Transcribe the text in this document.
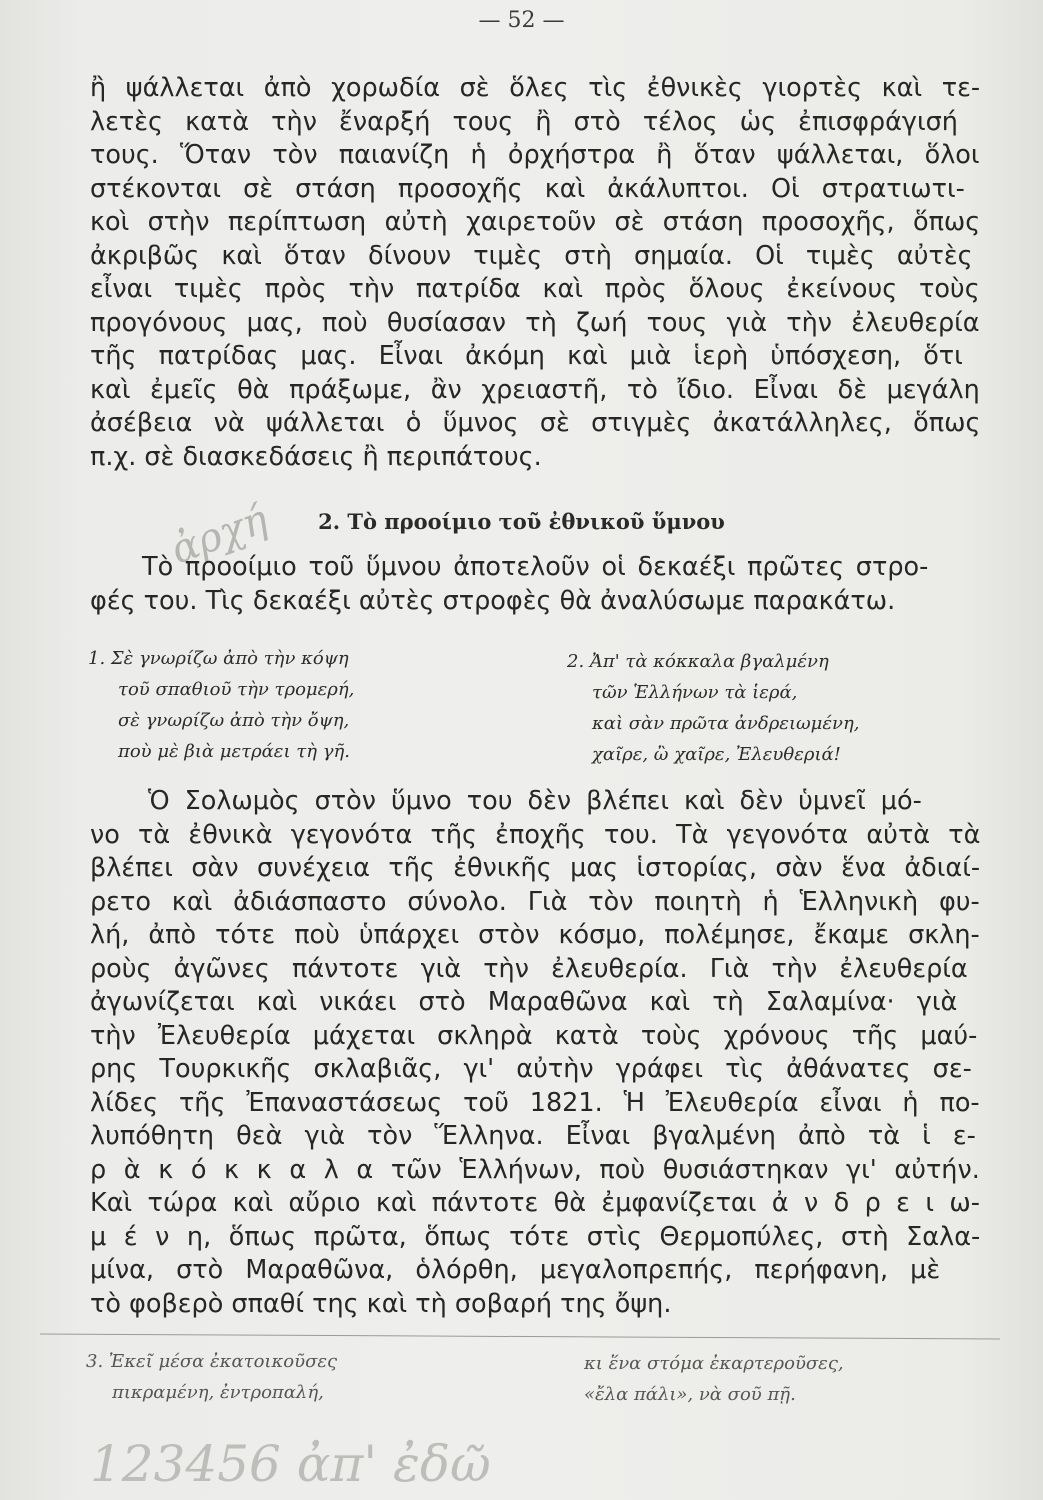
— 52 —
ἢ ψάλλεται ἀπὸ χορωδία σὲ ὅλες τὶς ἐθνικὲς γιορτὲς καὶ τε-
λετὲς κατὰ τὴν ἔναρξή τους ἢ στὸ τέλος ὡς ἐπισφράγισή
τους. Ὅταν τὸν παιανίζη ἡ ὀρχήστρα ἢ ὅταν ψάλλεται, ὅλοι
στέκονται σὲ στάση προσοχῆς καὶ ἀκάλυπτοι. Οἱ στρατιωτι-
κοὶ στὴν περίπτωση αὐτὴ χαιρετοῦν σὲ στάση προσοχῆς, ὅπως
ἀκριβῶς καὶ ὅταν δίνουν τιμὲς στὴ σημαία. Οἱ τιμὲς αὐτὲς
εἶναι τιμὲς πρὸς τὴν πατρίδα καὶ πρὸς ὅλους ἐκείνους τοὺς
προγόνους μας, ποὺ θυσίασαν τὴ ζωή τους γιὰ τὴν ἐλευθερία
τῆς πατρίδας μας. Εἶναι ἀκόμη καὶ μιὰ ἱερὴ ὑπόσχεση, ὅτι
καὶ ἐμεῖς θὰ πράξωμε, ἂν χρειαστῆ, τὸ ἴδιο. Εἶναι δὲ μεγάλη
ἀσέβεια νὰ ψάλλεται ὁ ὕμνος σὲ στιγμὲς ἀκατάλληλες, ὅπως
π.χ. σὲ διασκεδάσεις ἢ περιπάτους.
ἀρχή	2. Τὸ προοίμιο τοῦ ἐθνικοῦ ὕμνου
Τὸ προοίμιο τοῦ ὕμνου ἀποτελοῦν οἱ δεκαέξι πρῶτες στρο-
φές του. Τὶς δεκαέξι αὐτὲς στροφὲς θὰ ἀναλύσωμε παρακάτω.
1. Σὲ γνωρίζω ἀπὸ τὴν κόψη
τοῦ σπαθιοῦ τὴν τρομερή,
σὲ γνωρίζω ἀπὸ τὴν ὄψη,
ποὺ μὲ βιὰ μετράει τὴ γῆ.
2. Ἀπ' τὰ κόκκαλα βγαλμένη
τῶν Ἑλλήνων τὰ ἱερά,
καὶ σὰν πρῶτα ἀνδρειωμένη,
χαῖρε, ὢ χαῖρε, Ἐλευθεριά!
Ὁ Σολωμὸς στὸν ὕμνο του δὲν βλέπει καὶ δὲν ὑμνεῖ μό-
νο τὰ ἐθνικὰ γεγονότα τῆς ἐποχῆς του. Τὰ γεγονότα αὐτὰ τὰ
βλέπει σὰν συνέχεια τῆς ἐθνικῆς μας ἱστορίας, σὰν ἕνα ἀδιαί-
ρετο καὶ ἀδιάσπαστο σύνολο. Γιὰ τὸν ποιητὴ ἡ Ἑλληνικὴ φυ-
λή, ἀπὸ τότε ποὺ ὑπάρχει στὸν κόσμο, πολέμησε, ἔκαμε σκλη-
ροὺς ἀγῶνες πάντοτε γιὰ τὴν ἐλευθερία. Γιὰ τὴν ἐλευθερία
ἀγωνίζεται καὶ νικάει στὸ Μαραθῶνα καὶ τὴ Σαλαμίνα· γιὰ
τὴν Ἐλευθερία μάχεται σκληρὰ κατὰ τοὺς χρόνους τῆς μαύ-
ρης Τουρκικῆς σκλαβιᾶς, γι' αὐτὴν γράφει τὶς ἀθάνατες σε-
λίδες τῆς Ἐπαναστάσεως τοῦ 1821. Ἡ Ἐλευθερία εἶναι ἡ πο-
λυπόθητη θεὰ γιὰ τὸν Ἕλληνα. Εἶναι βγαλμένη ἀπὸ τὰ ἱ ε-
ρ ὰ κ ό κ κ α λ α τῶν Ἑλλήνων, ποὺ θυσιάστηκαν γι' αὐτήν.
Καὶ τώρα καὶ αὔριο καὶ πάντοτε θὰ ἐμφανίζεται ἀ ν δ ρ ε ι ω-
μ έ ν η, ὅπως πρῶτα, ὅπως τότε στὶς Θερμοπύλες, στὴ Σαλα-
μίνα, στὸ Μαραθῶνα, ὁλόρθη, μεγαλοπρεπής, περήφανη, μὲ
τὸ φοβερὸ σπαθί της καὶ τὴ σοβαρή της ὄψη.
3. Ἐκεῖ μέσα ἐκατοικοῦσες
πικραμένη, ἐντροπαλή,
κι ἕνα στόμα ἐκαρτεροῦσες,
«ἔλα πάλι», νὰ σοῦ πῇ.
123456 ἀπ' ἐδῶ
